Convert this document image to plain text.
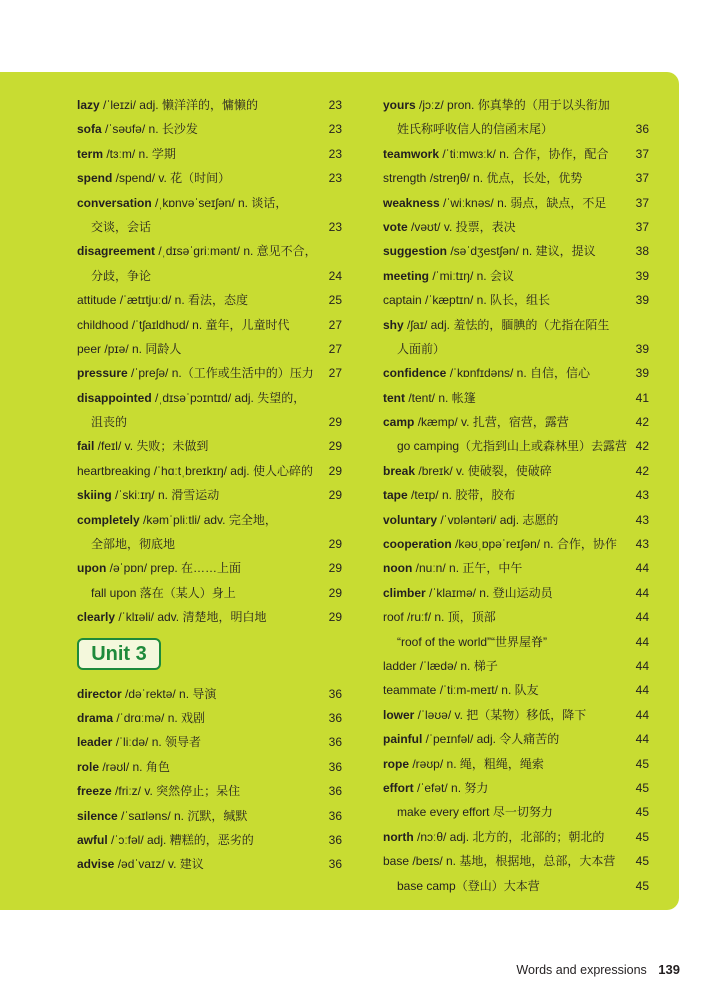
lazy /ˈleɪzi/ adj. 懒洋洋的，慵懒的	23
sofa /ˈsəʊfə/ n. 长沙发	23
term /tɜːm/ n. 学期	23
spend /spend/ v. 花（时间）	23
conversation /ˌkɒnvəˈseɪʃən/ n. 谈话，
交谈，会话	23
disagreement /ˌdɪsəˈgriːmənt/ n. 意见不合，
分歧，争论	24
attitude /ˈætɪtjuːd/ n. 看法，态度	25
childhood /ˈtʃaɪldhʊd/ n. 童年，儿童时代	27
peer /pɪə/ n. 同龄人	27
pressure /ˈpreʃə/ n.（工作或生活中的）压力 27
disappointed /ˌdɪsəˈpɔɪntɪd/ adj. 失望的，
沮丧的	29
fail /feɪl/ v. 失败；未做到	29
heartbreaking /ˈhɑːtˌbreɪkɪŋ/ adj. 使人心碎的 29
skiing /ˈskiːɪŋ/ n. 滑雪运动	29
completely /kəmˈpliːtli/ adv. 完全地，
全部地，彻底地	29
upon /əˈpɒn/ prep. 在……上面	29
fall upon 落在（某人）身上	29
clearly /ˈklɪəli/ adv. 清楚地，明白地	29
Unit 3
director /dəˈrektə/ n. 导演	36
drama /ˈdrɑːmə/ n. 戏剧	36
leader /ˈliːdə/ n. 领导者	36
role /rəʊl/ n. 角色	36
freeze /friːz/ v. 突然停止；呆住	36
silence /ˈsaɪləns/ n. 沉默，缄默	36
awful /ˈɔːfəl/ adj. 糟糕的，恶劣的	36
advise /ədˈvaɪz/ v. 建议	36
yours /jɔːz/ pron. 你真挚的（用于以头衔加
姓氏称呼收信人的信函末尾）	36
teamwork /ˈtiːmwɜːk/ n. 合作，协作，配合 37
strength /streŋθ/ n. 优点，长处，优势	37
weakness /ˈwiːknəs/ n. 弱点，缺点，不足 37
vote /vəʊt/ v. 投票，表决	37
suggestion /səˈdʒestʃən/ n. 建议，提议	38
meeting /ˈmiːtɪŋ/ n. 会议	39
captain /ˈkæptɪn/ n. 队长，组长	39
shy /ʃaɪ/ adj. 羞怯的，腼腆的（尤指在陌生
人面前）	39
confidence /ˈkɒnfɪdəns/ n. 自信，信心	39
tent /tent/ n. 帐篷	41
camp /kæmp/ v. 扎营，宿营，露营	42
go camping（尤指到山上或森林里）去露营 42
break /breɪk/ v. 使破裂，使破碎	42
tape /teɪp/ n. 胶带，胶布	43
voluntary /ˈvɒləntəri/ adj. 志愿的	43
cooperation /kəʊˌɒpəˈreɪʃən/ n. 合作，协作 43
noon /nuːn/ n. 正午，中午	44
climber /ˈklaɪmə/ n. 登山运动员	44
roof /ruːf/ n. 顶，顶部	44
“roof of the world”“世界屋脊”	44
ladder /ˈlædə/ n. 梯子	44
teammate /ˈtiːm-meɪt/ n. 队友	44
lower /ˈləʊə/ v. 把（某物）移低，降下	44
painful /ˈpeɪnfəl/ adj. 令人痛苦的	44
rope /rəʊp/ n. 绳，粗绳，绳索	45
effort /ˈefət/ n. 努力	45
make every effort 尽一切努力	45
north /nɔːθ/ adj. 北方的，北部的；朝北的	45
base /beɪs/ n. 基地，根据地，总部，大本营 45
base camp（登山）大本营	45
Words and expressions 139
